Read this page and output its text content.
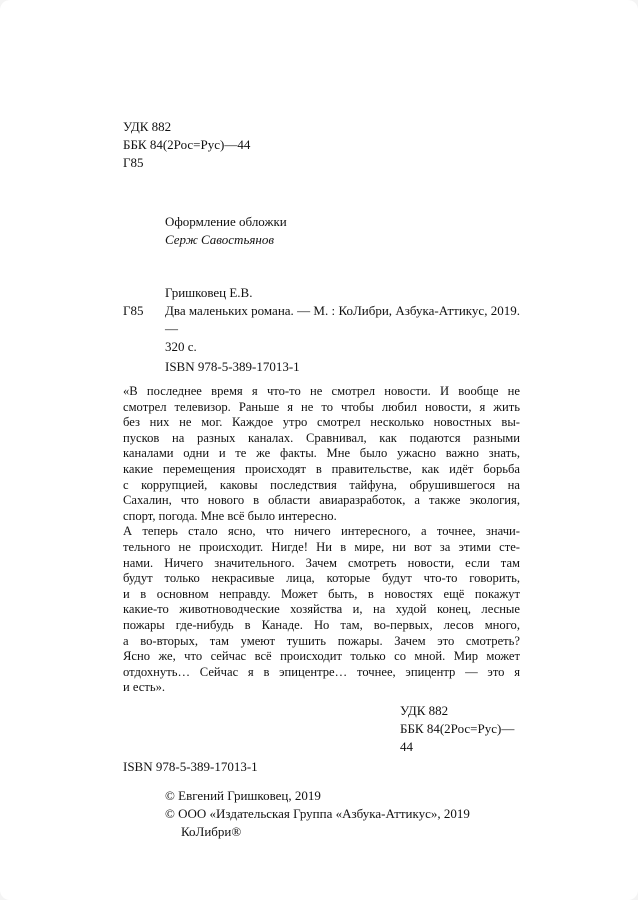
УДК 882
ББК 84(2Рос=Рус)—44
Г85
Оформление обложки
Серж Савостьянов
Гришковец Е.В.
Г85 Два маленьких романа. — М. : КоЛибри, Азбука-Аттикус, 2019. —
320 с.
ISBN 978-5-389-17013-1
«В последнее время я что-то не смотрел новости. И вообще не
смотрел телевизор. Раньше я не то чтобы любил новости, я жить
без них не мог. Каждое утро смотрел несколько новостных вы-
пусков на разных каналах. Сравнивал, как подаются разными
каналами одни и те же факты. Мне было ужасно важно знать,
какие перемещения происходят в правительстве, как идёт борьба
с коррупцией, каковы последствия тайфуна, обрушившегося на
Сахалин, что нового в области авиаразработок, а также экология,
спорт, погода. Мне всё было интересно.
А теперь стало ясно, что ничего интересного, а точнее, значи-
тельного не происходит. Нигде! Ни в мире, ни вот за этими сте-
нами. Ничего значительного. Зачем смотреть новости, если там
будут только некрасивые лица, которые будут что-то говорить,
и в основном неправду. Может быть, в новостях ещё покажут
какие-то животноводческие хозяйства и, на худой конец, лесные
пожары где-нибудь в Канаде. Но там, во-первых, лесов много,
а во-вторых, там умеют тушить пожары. Зачем это смотреть?
Ясно же, что сейчас всё происходит только со мной. Мир может
отдохнуть… Сейчас я в эпицентре… точнее, эпицентр — это я
и есть».
УДК 882
ББК 84(2Рос=Рус)—44
ISBN 978-5-389-17013-1
© Евгений Гришковец, 2019
© ООО «Издательская Группа «Азбука-Аттикус», 2019
КоЛибри®
